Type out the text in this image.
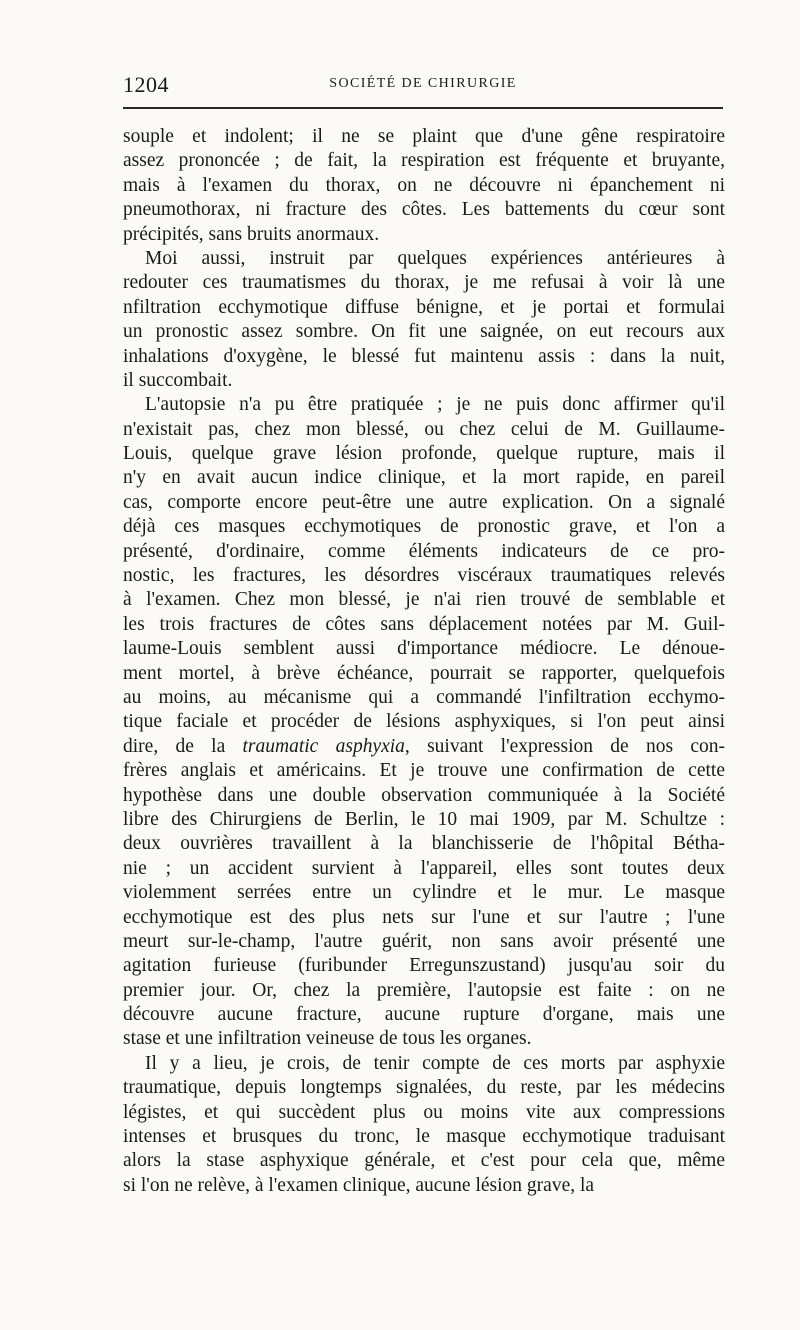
1204	SOCIÉTÉ DE CHIRURGIE
souple et indolent; il ne se plaint que d'une gêne respiratoire
assez prononcée ; de fait, la respiration est fréquente et bruyante,
mais à l'examen du thorax, on ne découvre ni épanchement ni
pneumothorax, ni fracture des côtes. Les battements du cœur sont
précipités, sans bruits anormaux.
Moi aussi, instruit par quelques expériences antérieures à
redouter ces traumatismes du thorax, je me refusai à voir là une
nfiltration ecchymotique diffuse bénigne, et je portai et formulai
un pronostic assez sombre. On fit une saignée, on eut recours aux
inhalations d'oxygène, le blessé fut maintenu assis : dans la nuit,
il succombait.
L'autopsie n'a pu être pratiquée ; je ne puis donc affirmer qu'il
n'existait pas, chez mon blessé, ou chez celui de M. Guillaume-
Louis, quelque grave lésion profonde, quelque rupture, mais il
n'y en avait aucun indice clinique, et la mort rapide, en pareil
cas, comporte encore peut-être une autre explication. On a signalé
déjà ces masques ecchymotiques de pronostic grave, et l'on a
présenté, d'ordinaire, comme éléments indicateurs de ce pro-
nostic, les fractures, les désordres viscéraux traumatiques relevés
à l'examen. Chez mon blessé, je n'ai rien trouvé de semblable et
les trois fractures de côtes sans déplacement notées par M. Guil-
laume-Louis semblent aussi d'importance médiocre. Le dénoue-
ment mortel, à brève échéance, pourrait se rapporter, quelquefois
au moins, au mécanisme qui a commandé l'infiltration ecchymo-
tique faciale et procéder de lésions asphyxiques, si l'on peut ainsi
dire, de la traumatic asphyxia, suivant l'expression de nos con-
frères anglais et américains. Et je trouve une confirmation de cette
hypothèse dans une double observation communiquée à la Société
libre des Chirurgiens de Berlin, le 10 mai 1909, par M. Schultze :
deux ouvrières travaillent à la blanchisserie de l'hôpital Bétha-
nie ; un accident survient à l'appareil, elles sont toutes deux
violemment serrées entre un cylindre et le mur. Le masque
ecchymotique est des plus nets sur l'une et sur l'autre ; l'une
meurt sur-le-champ, l'autre guérit, non sans avoir présenté une
agitation furieuse (furibunder Erregunszustand) jusqu'au soir du
premier jour. Or, chez la première, l'autopsie est faite : on ne
découvre aucune fracture, aucune rupture d'organe, mais une
stase et une infiltration veineuse de tous les organes.
Il y a lieu, je crois, de tenir compte de ces morts par asphyxie
traumatique, depuis longtemps signalées, du reste, par les médecins
légistes, et qui succèdent plus ou moins vite aux compressions
intenses et brusques du tronc, le masque ecchymotique traduisant
alors la stase asphyxique générale, et c'est pour cela que, même
si l'on ne relève, à l'examen clinique, aucune lésion grave, la
